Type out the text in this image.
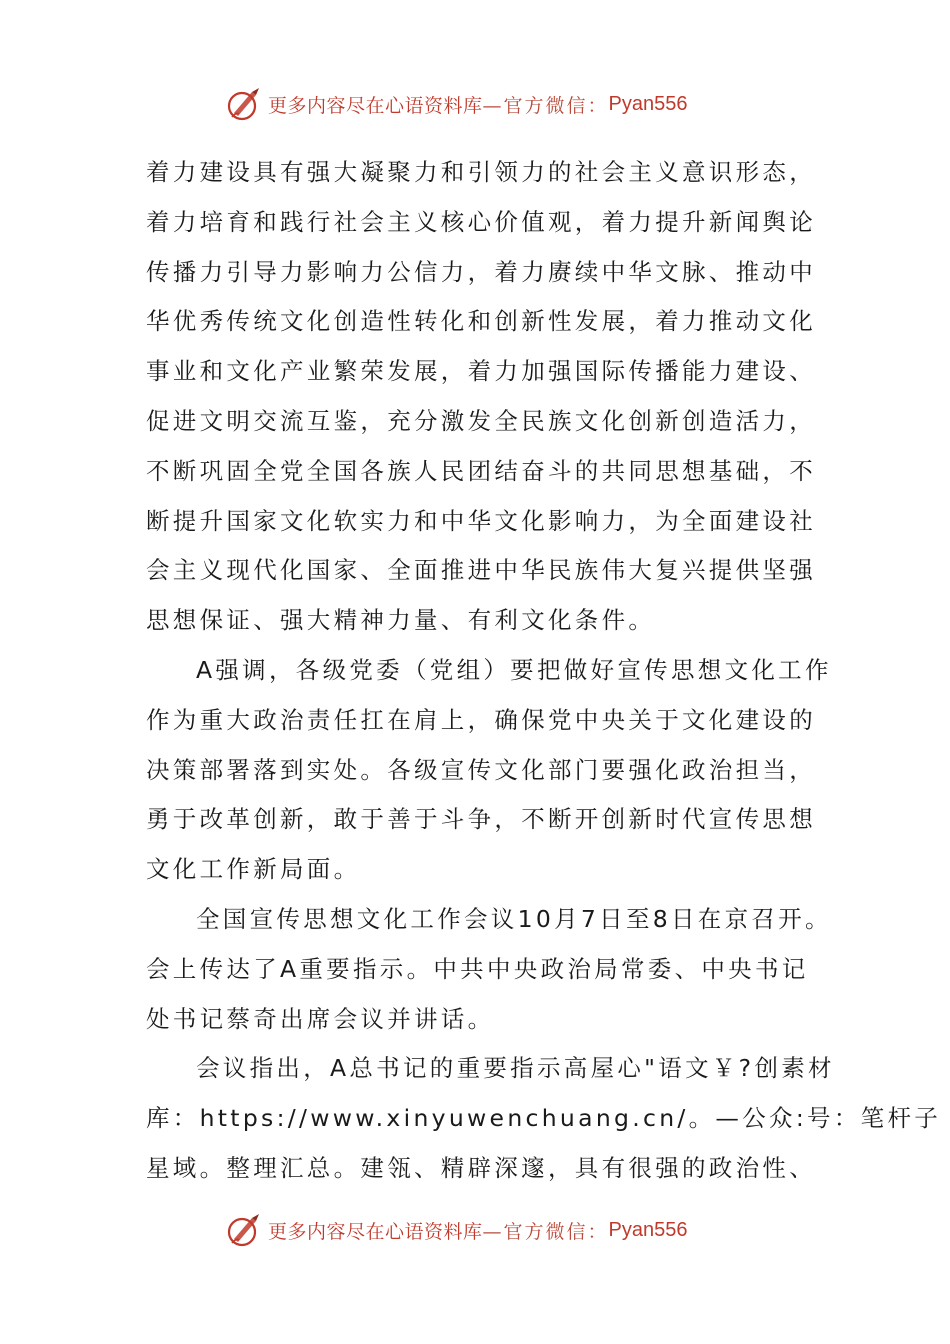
更多内容尽在心语资料库 —官方微信： Pyan556
着力建设具有强大凝聚力和引领力的社会主义意识形态，
着力培育和践行社会主义核心价值观，着力提升新闻舆论
传播力引导力影响力公信力，着力赓续中华文脉、推动中
华优秀传统文化创造性转化和创新性发展，着力推动文化
事业和文化产业繁荣发展，着力加强国际传播能力建设、
促进文明交流互鉴，充分激发全民族文化创新创造活力，
不断巩固全党全国各族人民团结奋斗的共同思想基础，不
断提升国家文化软实力和中华文化影响力，为全面建设社
会主义现代化国家、全面推进中华民族伟大复兴提供坚强
思想保证、强大精神力量、有利文化条件。
A强调，各级党委（党组）要把做好宣传思想文化工作
作为重大政治责任扛在肩上，确保党中央关于文化建设的
决策部署落到实处。各级宣传文化部门要强化政治担当，
勇于改革创新，敢于善于斗争，不断开创新时代宣传思想
文化工作新局面。
全国宣传思想文化工作会议10月7日至8日在京召开。
会上传达了A重要指示。中共中央政治局常委、中央书记
处书记蔡奇出席会议并讲话。
会议指出，A总书记的重要指示高屋心"语文￥?创素材
库：https://www.xinyuwenchuang.cn/。—公众:号：笔杆子
星域。整理汇总。建瓴、精辟深邃，具有很强的政治性、
更多内容尽在心语资料库 —官方微信： Pyan556
